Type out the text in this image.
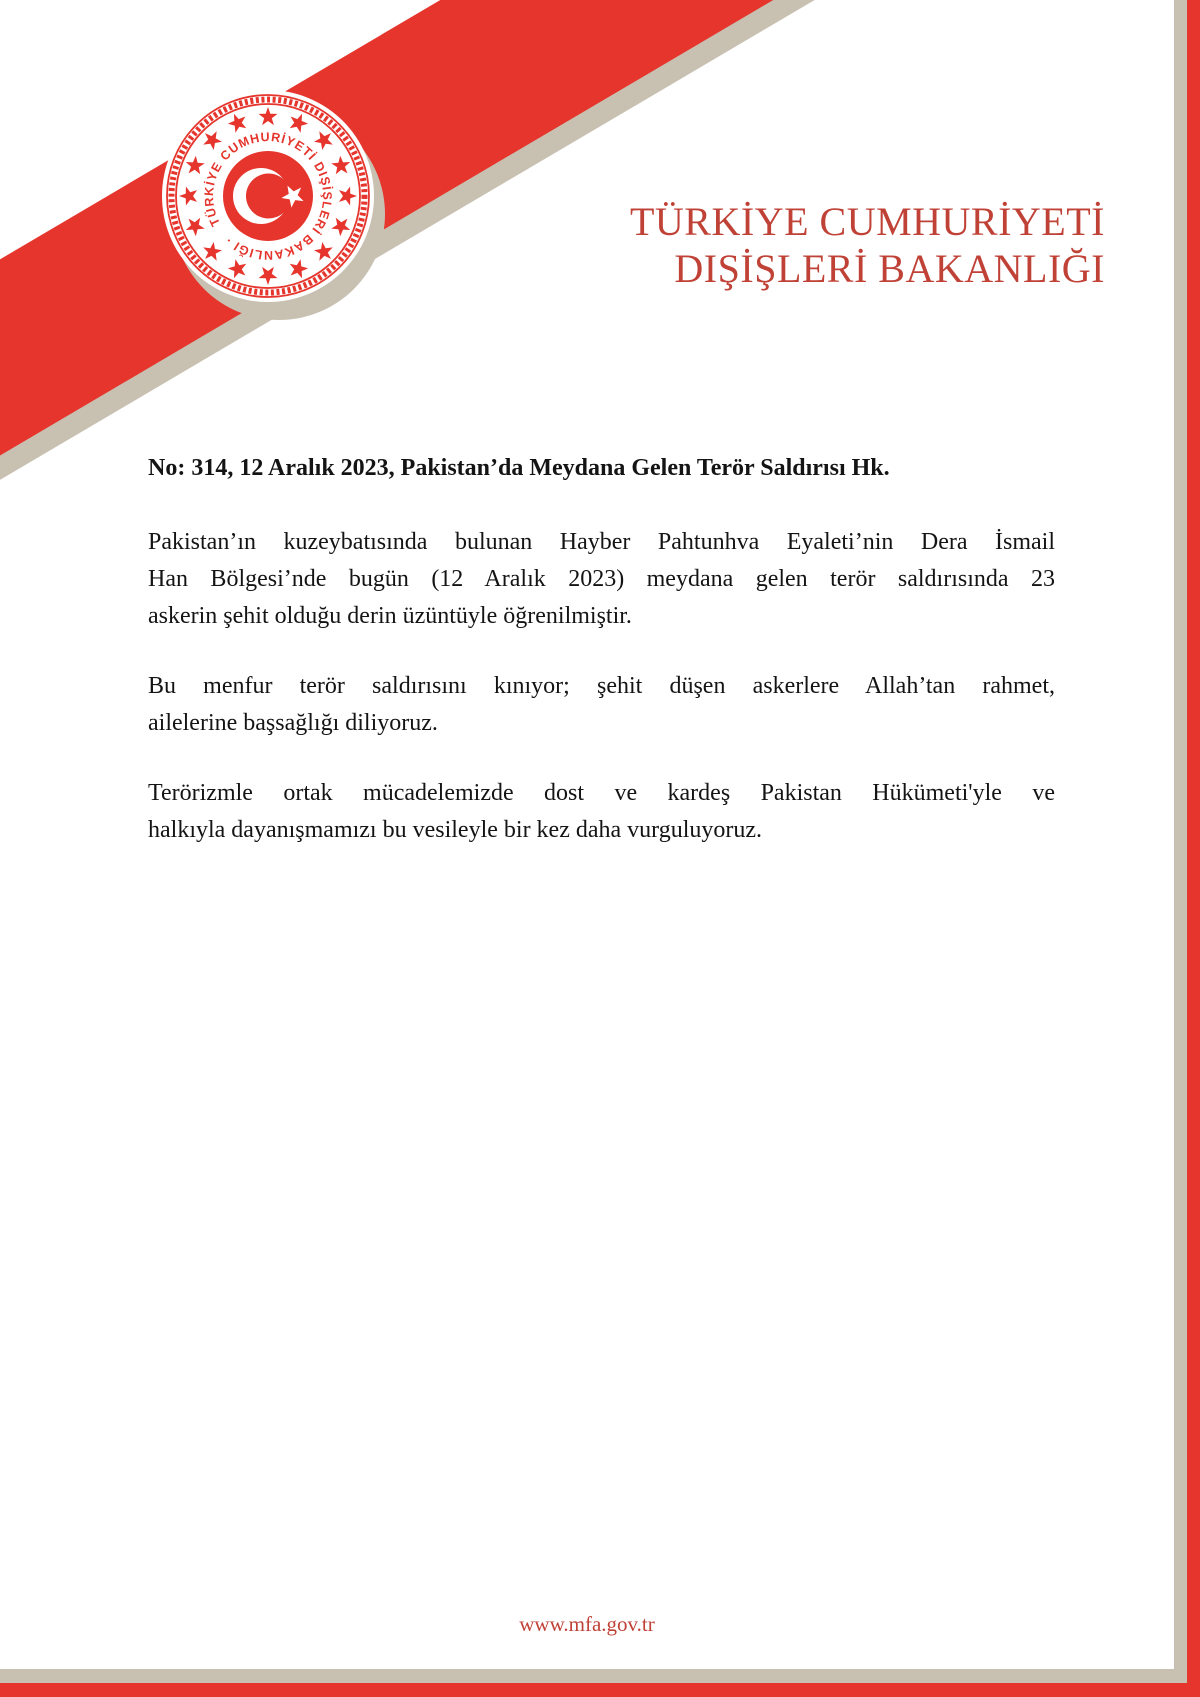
TÜRKİYE CUMHURİYETİ DIŞİŞLERİ BAKANLIĞI ·	TÜRKİYE CUMHURİYETİ
DIŞİŞLERİ BAKANLIĞI
No: 314, 12 Aralık 2023, Pakistan’da Meydana Gelen Terör Saldırısı Hk.
Pakistan’ın kuzeybatısında bulunan Hayber Pahtunhva Eyaleti’nin Dera İsmail
Han Bölgesi’nde bugün (12 Aralık 2023) meydana gelen terör saldırısında 23
askerin şehit olduğu derin üzüntüyle öğrenilmiştir.
Bu menfur terör saldırısını kınıyor; şehit düşen askerlere Allah’tan rahmet,
ailelerine başsağlığı diliyoruz.
Terörizmle ortak mücadelemizde dost ve kardeş Pakistan Hükümeti'yle ve
halkıyla dayanışmamızı bu vesileyle bir kez daha vurguluyoruz.
www.mfa.gov.tr
